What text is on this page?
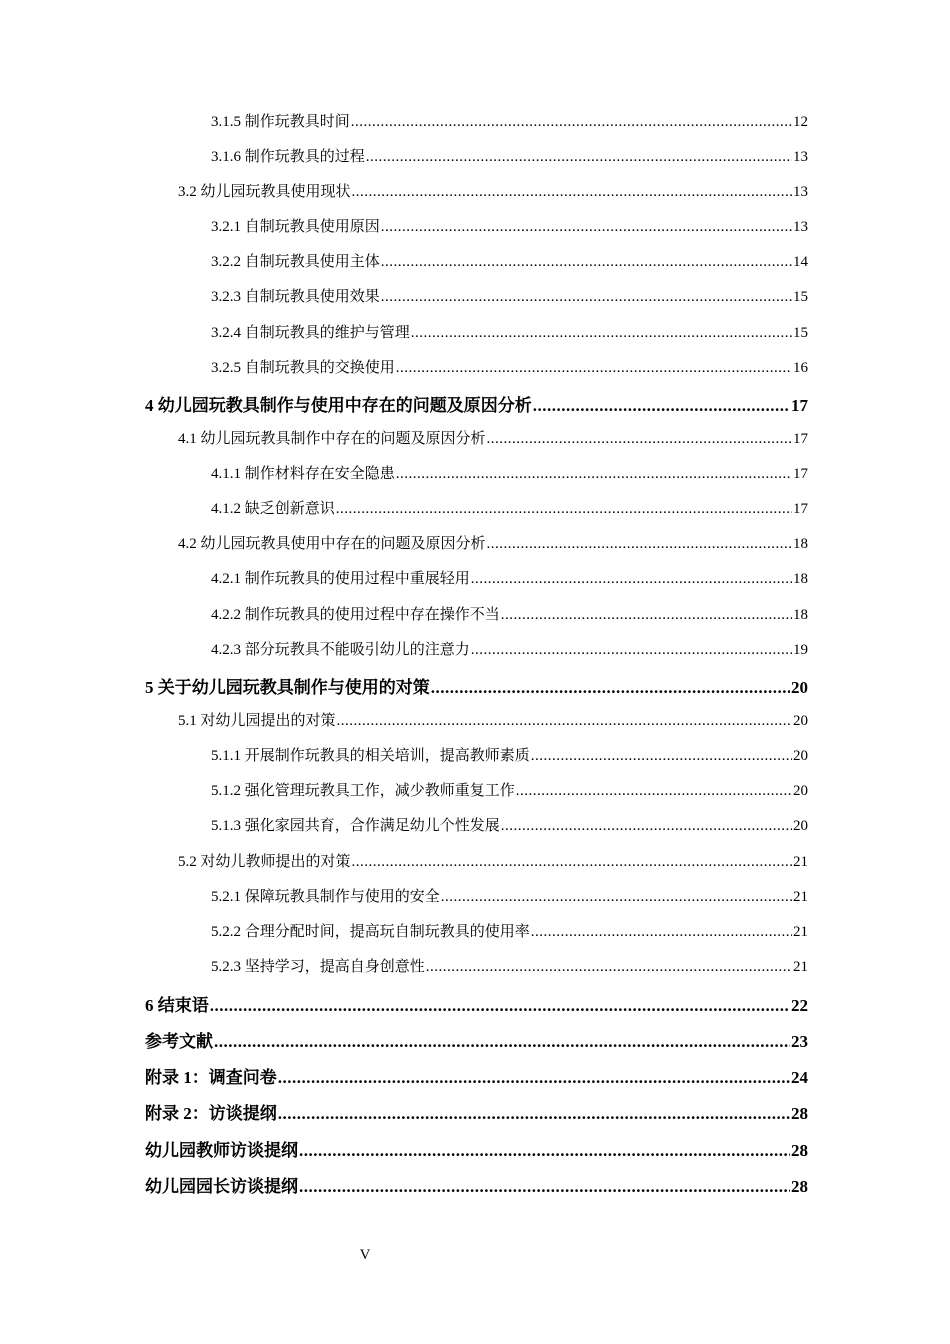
3.1.5 制作玩教具时间 .....	12
3.1.6 制作玩教具的过程 .....	13
3.2 幼儿园玩教具使用现状 .....	13
3.2.1 自制玩教具使用原因 .....	13
3.2.2 自制玩教具使用主体 .....	14
3.2.3 自制玩教具使用效果 .....	15
3.2.4 自制玩教具的维护与管理 .....	15
3.2.5 自制玩教具的交换使用 .....	16
4 幼儿园玩教具制作与使用中存在的问题及原因分析 .....	17
4.1 幼儿园玩教具制作中存在的问题及原因分析 .....	17
4.1.1 制作材料存在安全隐患 .....	17
4.1.2 缺乏创新意识 .....	17
4.2 幼儿园玩教具使用中存在的问题及原因分析 .....	18
4.2.1 制作玩教具的使用过程中重展轻用 .....	18
4.2.2 制作玩教具的使用过程中存在操作不当 .....	18
4.2.3 部分玩教具不能吸引幼儿的注意力 .....	19
5 关于幼儿园玩教具制作与使用的对策 .....	20
5.1 对幼儿园提出的对策 .....	20
5.1.1 开展制作玩教具的相关培训，提高教师素质 .....	20
5.1.2 强化管理玩教具工作，减少教师重复工作 .....	20
5.1.3 强化家园共育，合作满足幼儿个性发展 .....	20
5.2 对幼儿教师提出的对策 .....	21
5.2.1 保障玩教具制作与使用的安全 .....	21
5.2.2 合理分配时间，提高玩自制玩教具的使用率 .....	21
5.2.3 坚持学习，提高自身创意性 .....	21
6 结束语 .....	22
参考文献 .....	23
附录 1：调查问卷 .....	24
附录 2：访谈提纲 .....	28
幼儿园教师访谈提纲 .....	28
幼儿园园长访谈提纲 .....	28
V
